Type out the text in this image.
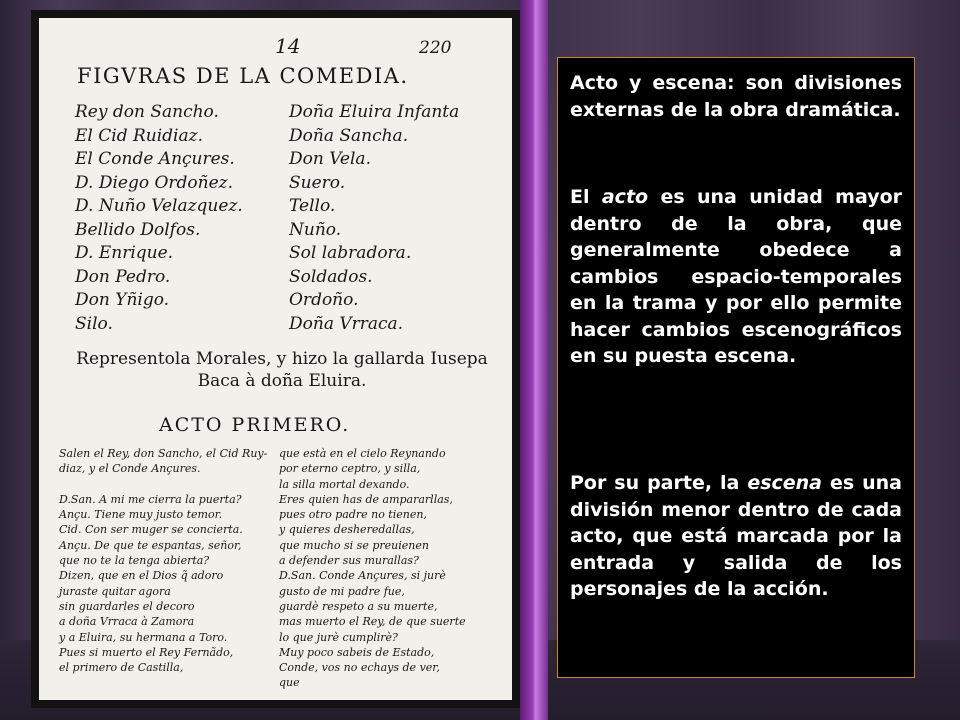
14	220
FIGVRAS DE LA COMEDIA.
Rey don Sancho.
El Cid Ruidiaz.
El Conde Ançures.
D. Diego Ordoñez.
D. Nuño Velazquez.
Bellido Dolfos.
D. Enrique.
Don Pedro.
Don Yñigo.
Silo.
Doña Eluira Infanta
Doña Sancha.
Don Vela.
Suero.
Tello.
Nuño.
Sol labradora.
Soldados.
Ordoño.
Doña Vrraca.
Representola Morales, y hizo la gallarda Iusepa
Baca à doña Eluira.
ACTO PRIMERO.
Salen el Rey, don Sancho, el Cid Ruy-
diaz, y el Conde Ançures.

D.San. A mi me cierra la puerta?
Ançu. Tiene muy justo temor.
Cid. Con ser muger se concierta.
Ançu. De que te espantas, señor,
que no te la tenga abierta?
Dizen, que en el Dios q̃ adoro
juraste quitar agora
sin guardarles el decoro
a doña Vrraca à Zamora
y a Eluira, su hermana a Toro.
Pues si muerto el Rey Fernãdo,
el primero de Castilla,
que està en el cielo Reynando
por eterno ceptro, y silla,
la silla mortal dexando.
Eres quien has de ampararllas,
pues otro padre no tienen,
y quieres desheredallas,
que mucho si se preuienen
a defender sus murallas?
D.San. Conde Ançures, si jurè
gusto de mi padre fue,
guardè respeto a su muerte,
mas muerto el Rey, de que suerte
lo que jurè cumplirè?
Muy poco sabeis de Estado,
Conde, vos no echays de ver,
que
Acto y escena: son divisiones externas de la obra dramática.
El acto es una unidad mayor dentro de la obra, que generalmente obedece a cambios espacio-temporales en la trama y por ello permite hacer cambios escenográficos en su puesta escena.
Por su parte, la escena es una división menor dentro de cada acto, que está marcada por la entrada y salida de los personajes de la acción.
